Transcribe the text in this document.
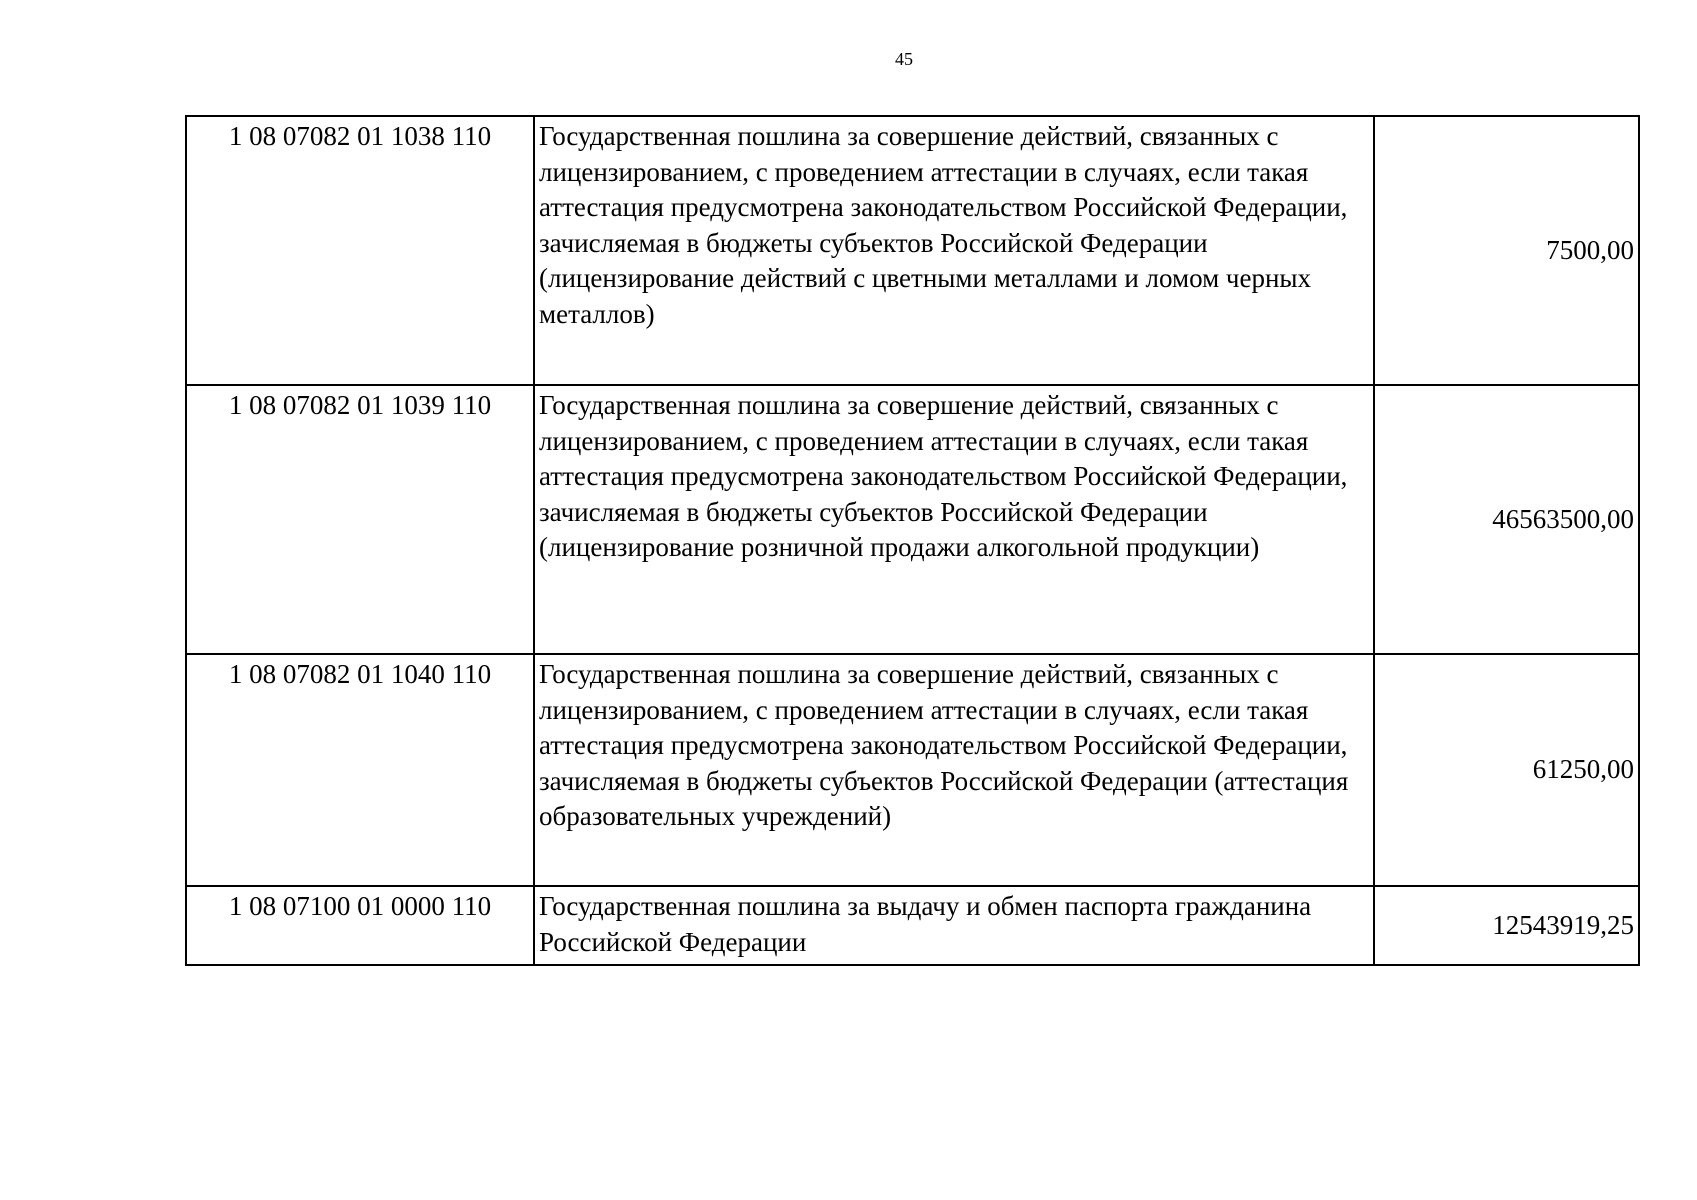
45
1 08 07082 01 1038 110	Государственная пошлина за совершение действий, связанных с лицензированием, с проведением аттестации в случаях, если такая аттестация предусмотрена законодательством Российской Федерации, зачисляемая в бюджеты субъектов Российской Федерации (лицензирование действий с цветными металлами и ломом черных металлов)	7500,00
1 08 07082 01 1039 110	Государственная пошлина за совершение действий, связанных с лицензированием, с проведением аттестации в случаях, если такая аттестация предусмотрена законодательством Российской Федерации, зачисляемая в бюджеты субъектов Российской Федерации (лицензирование розничной продажи алкогольной продукции)	46563500,00
1 08 07082 01 1040 110	Государственная пошлина за совершение действий, связанных с лицензированием, с проведением аттестации в случаях, если такая аттестация предусмотрена законодательством Российской Федерации, зачисляемая в бюджеты субъектов Российской Федерации (аттестация образовательных учреждений)	61250,00
1 08 07100 01 0000 110	Государственная пошлина за выдачу и обмен паспорта гражданина Российской Федерации	12543919,25
